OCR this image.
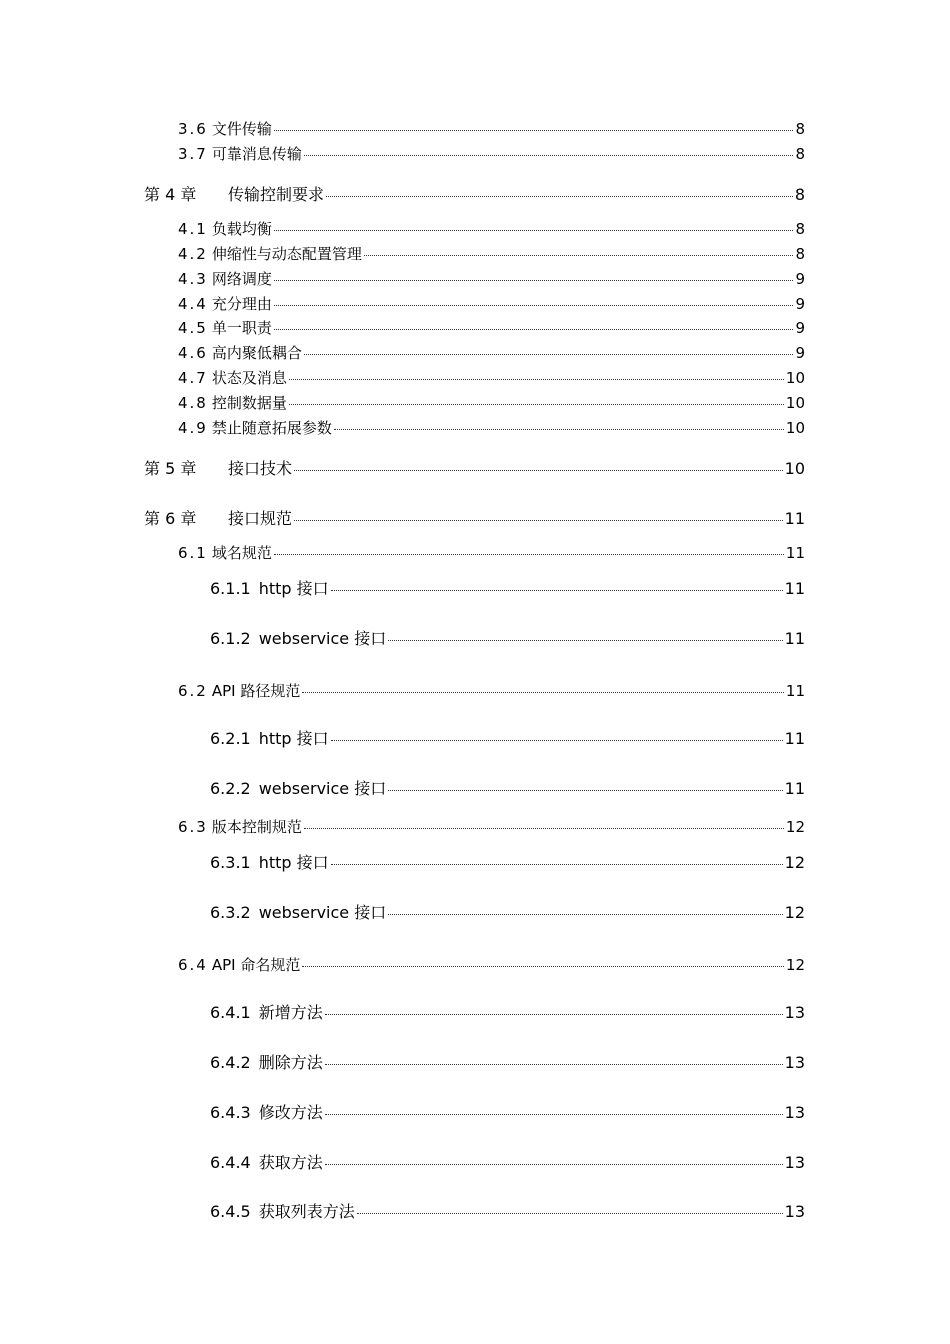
3.6 文件传输	8
3.7 可靠消息传输	8
第 4 章 传输控制要求	8
4.1 负载均衡	8
4.2 伸缩性与动态配置管理	8
4.3 网络调度	9
4.4 充分理由	9
4.5 单一职责	9
4.6 高内聚低耦合	9
4.7 状态及消息	10
4.8 控制数据量	10
4.9 禁止随意拓展参数	10
第 5 章 接口技术	10
第 6 章 接口规范	11
6.1 域名规范	11
6.1.1 http 接口	11
6.1.2 webservice 接口	11
6.2 API 路径规范	11
6.2.1 http 接口	11
6.2.2 webservice 接口	11
6.3 版本控制规范	12
6.3.1 http 接口	12
6.3.2 webservice 接口	12
6.4 API 命名规范	12
6.4.1 新增方法	13
6.4.2 删除方法	13
6.4.3 修改方法	13
6.4.4 获取方法	13
6.4.5 获取列表方法	13
